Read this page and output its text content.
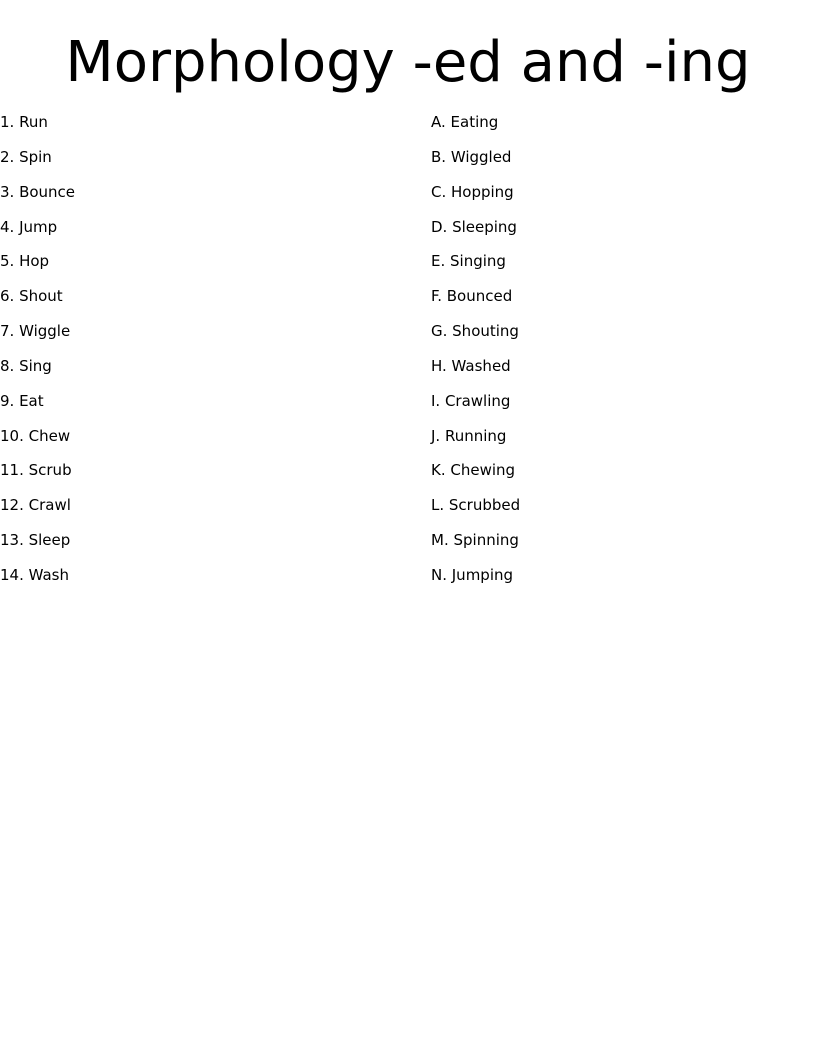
Morphology -ed and -ing
1. Run
2. Spin
3. Bounce
4. Jump
5. Hop
6. Shout
7. Wiggle
8. Sing
9. Eat
10. Chew
11. Scrub
12. Crawl
13. Sleep
14. Wash
A. Eating
B. Wiggled
C. Hopping
D. Sleeping
E. Singing
F. Bounced
G. Shouting
H. Washed
I. Crawling
J. Running
K. Chewing
L. Scrubbed
M. Spinning
N. Jumping
